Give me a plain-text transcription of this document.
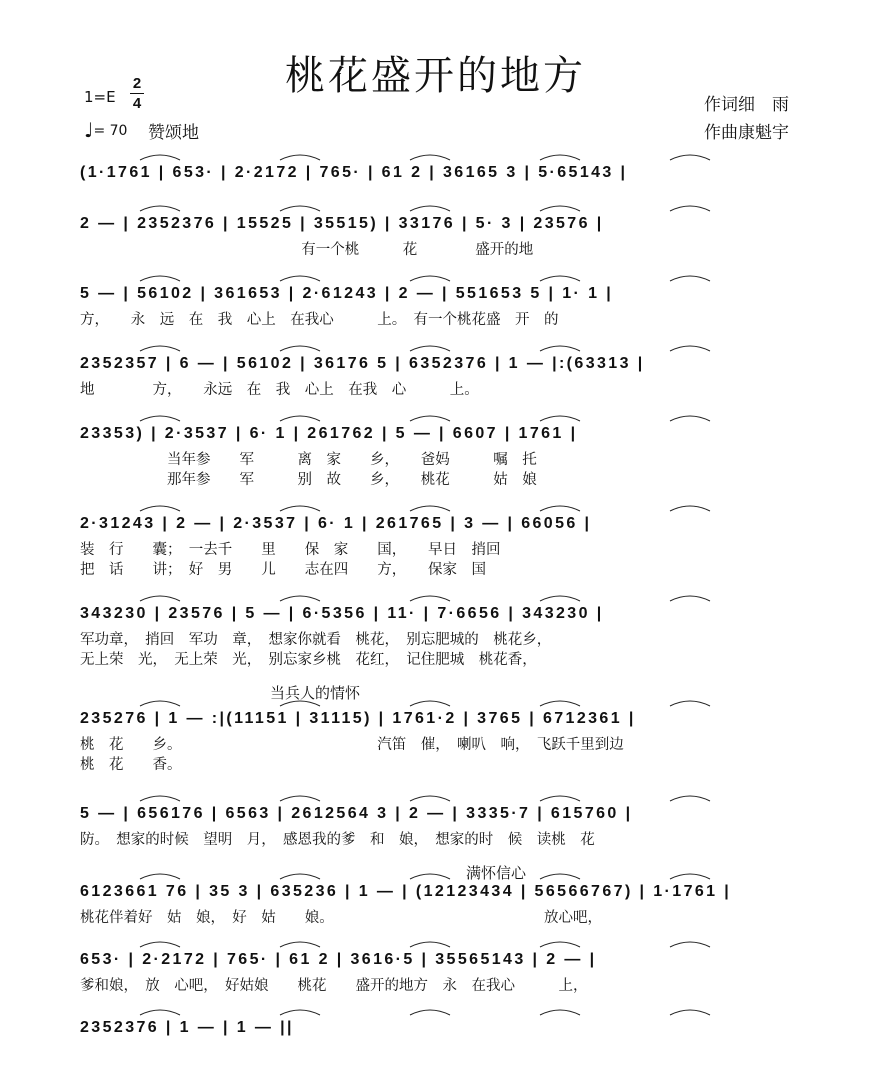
桃花盛开的地方
1=E
2
4
♩= 70 赞颂地
作词细　雨
作曲康魁宇
当兵人的情怀
满怀信心
(1·1761 | 653· | 2·2172 | 765· | 61 2 | 36165 3 | 5·65143 |
2 — | 2352376 | 15525 | 35515) | 33176 | 5· 3 | 23576 |
有一个桃　　　花　　　　盛开的地
5 — | 56102 | 361653 | 2·61243 | 2 — | 551653 5 | 1· 1 |
方，　　永　远　在　我　心上　在我心　　　上。　有一个桃花盛　开　的
2352357 | 6 — | 56102 | 36176 5 | 6352376 | 1 — |:(63313 |
地　　　　方，　　永远　在　我　心上　在我　心　　　上。
23353) | 2·3537 | 6· 1 | 261762 | 5 — | 6607 | 1761 |
　　　　　　当年参　　军　　　离　家　　乡，　　爸妈　　　嘱　托
　　　　　　那年参　　军　　　别　故　　乡，　　桃花　　　姑　娘
2·31243 | 2 — | 2·3537 | 6· 1 | 261765 | 3 — | 66056 |
装　行　　囊；　一去千　　里　　保　家　　国，　　早日　捎回
把　话　　讲；　好　男　　儿　　志在四　　方，　　保家　国
343230 | 23576 | 5 — | 6·5356 | 11· | 7·6656 | 343230 |
军功章，　捎回　军功　章，　想家你就看　桃花，　别忘肥城的　桃花乡，
无上荣　光，　无上荣　光，　别忘家乡桃　花红，　记住肥城　桃花香，
235276 | 1 — :|(11151 | 31115) | 1761·2 | 3765 | 6712361 |
桃　花　　乡。　　　　　　　　　　　　　　汽笛　催，　喇叭　响，　飞跃千里到边
桃　花　　香。
5 — | 656176 | 6563 | 2612564 3 | 2 — | 3335·7 | 615760 |
防。　想家的时候　望明　月，　感恩我的爹　和　娘，　想家的时　候　读桃　花
6123661 76 | 35 3 | 635236 | 1 — | (12123434 | 56566767) | 1·1761 |
桃花伴着好　姑　娘，　好　姑　　娘。　　　　　　　　　　　　　　　放心吧，
653· | 2·2172 | 765· | 61 2 | 3616·5 | 35565143 | 2 — |
爹和娘，　放　心吧，　好姑娘　　桃花　　盛开的地方　永　在我心　　　上，
2352376 | 1 — | 1 — ||
